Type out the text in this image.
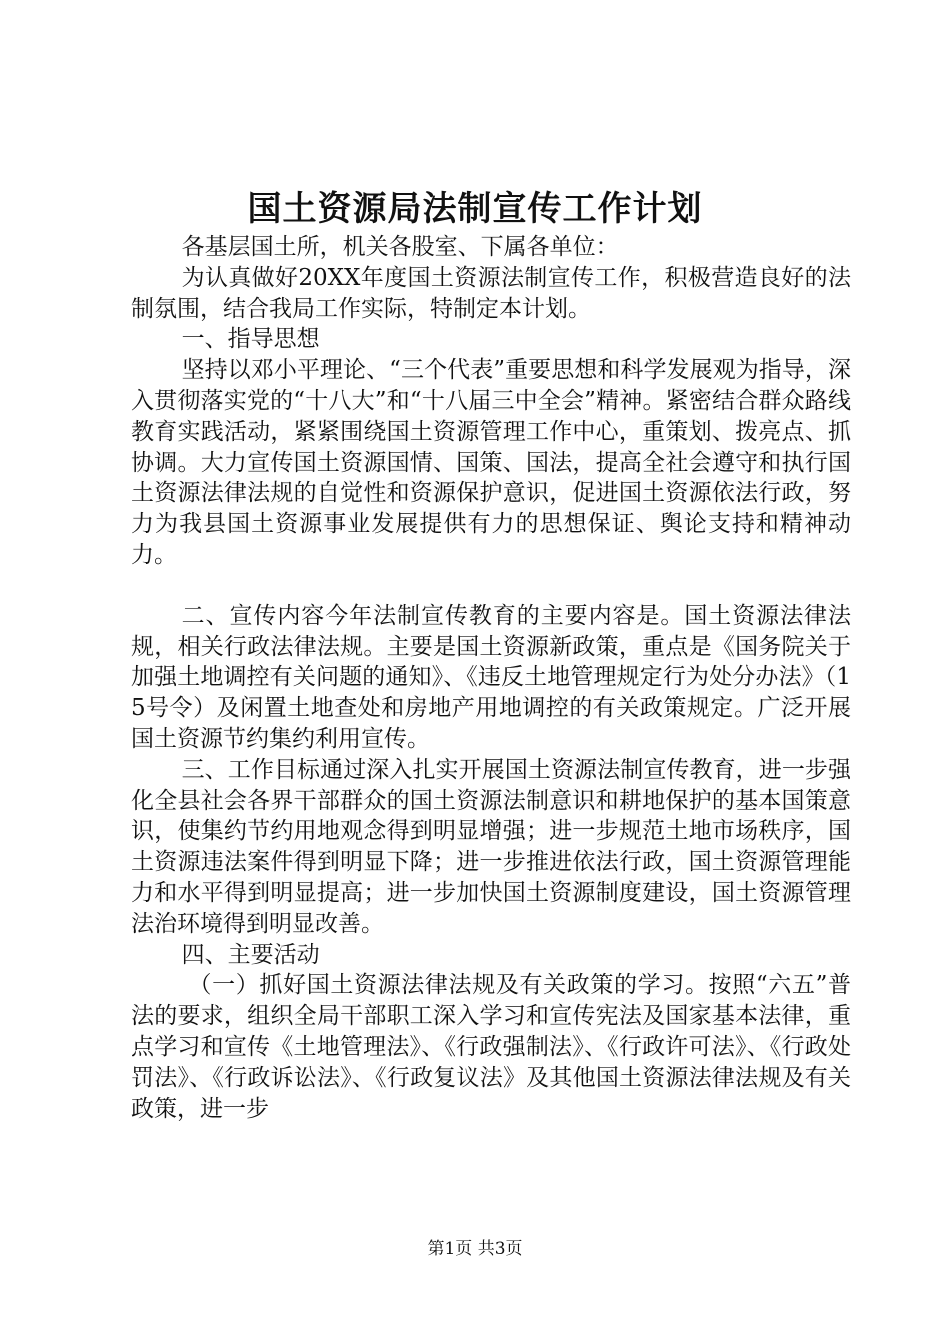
国土资源局法制宣传工作计划

各基层国土所，机关各股室、下属各单位：

为认真做好20XX年度国土资源法制宣传工作，积极营造良好的法制氛围，结合我局工作实际，特制定本计划。

一、指导思想

坚持以邓小平理论、“三个代表”重要思想和科学发展观为指导，深入贯彻落实党的“十八大”和“十八届三中全会”精神。紧密结合群众路线教育实践活动，紧紧围绕国土资源管理工作中心，重策划、拨亮点、抓协调。大力宣传国土资源国情、国策、国法，提高全社会遵守和执行国土资源法律法规的自觉性和资源保护意识，促进国土资源依法行政，努力为我县国土资源事业发展提供有力的思想保证、舆论支持和精神动力。

二、宣传内容今年法制宣传教育的主要内容是。国土资源法律法规，相关行政法律法规。主要是国土资源新政策，重点是《国务院关于加强土地调控有关问题的通知》、《违反土地管理规定行为处分办法》（15号令）及闲置土地查处和房地产用地调控的有关政策规定。广泛开展国土资源节约集约利用宣传。

三、工作目标通过深入扎实开展国土资源法制宣传教育，进一步强化全县社会各界干部群众的国土资源法制意识和耕地保护的基本国策意识，使集约节约用地观念得到明显增强；进一步规范土地市场秩序，国土资源违法案件得到明显下降；进一步推进依法行政，国土资源管理能力和水平得到明显提高；进一步加快国土资源制度建设，国土资源管理法治环境得到明显改善。

四、主要活动

（一）抓好国土资源法律法规及有关政策的学习。按照“六五”普法的要求，组织全局干部职工深入学习和宣传宪法及国家基本法律，重点学习和宣传《土地管理法》、《行政强制法》、《行政许可法》、《行政处罚法》、《行政诉讼法》、《行政复议法》及其他国土资源法律法规及有关政策，进一步

第1页 共3页
